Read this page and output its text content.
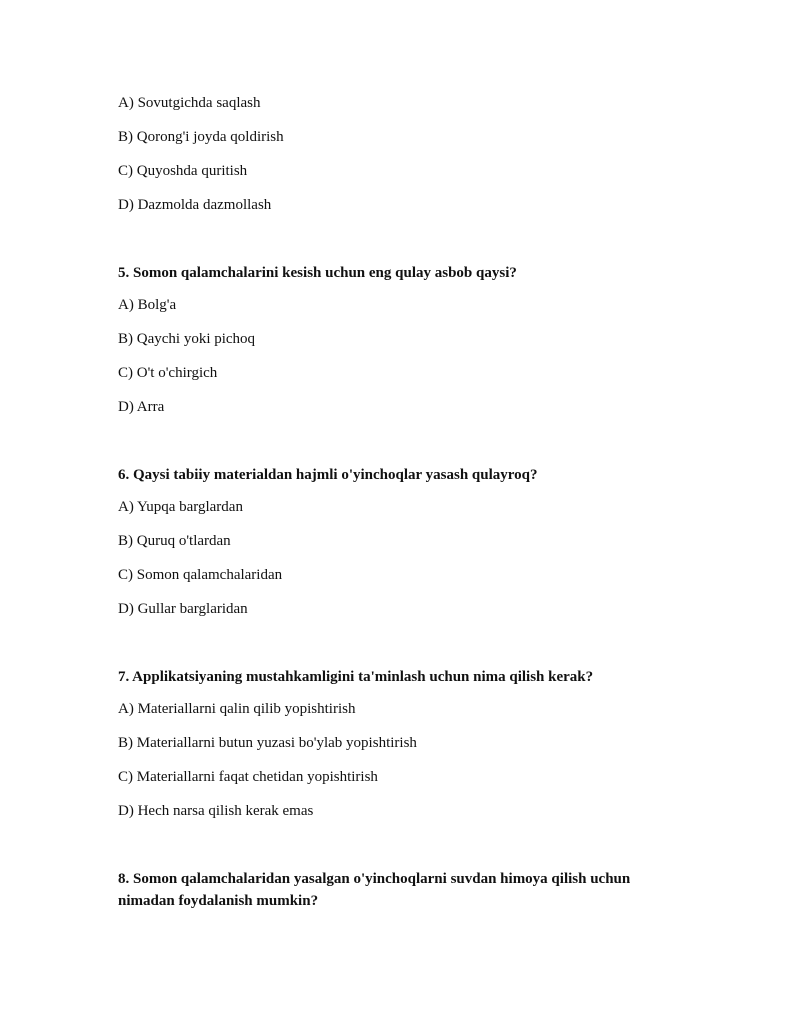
A) Sovutgichda saqlash

B) Qorong'i joyda qoldirish

C) Quyoshda quritish

D) Dazmolda dazmollash

5. Somon qalamchalarini kesish uchun eng qulay asbob qaysi?

A) Bolg'a

B) Qaychi yoki pichoq

C) O't o'chirgich

D) Arra

6. Qaysi tabiiy materialdan hajmli o'yinchoqlar yasash qulayroq?

A) Yupqa barglardan

B) Quruq o'tlardan

C) Somon qalamchalaridan

D) Gullar barglaridan

7. Applikatsiyaning mustahkamligini ta'minlash uchun nima qilish kerak?

A) Materiallarni qalin qilib yopishtirish

B) Materiallarni butun yuzasi bo'ylab yopishtirish

C) Materiallarni faqat chetidan yopishtirish

D) Hech narsa qilish kerak emas

8. Somon qalamchalaridan yasalgan o'yinchoqlarni suvdan himoya qilish uchun nimadan foydalanish mumkin?
